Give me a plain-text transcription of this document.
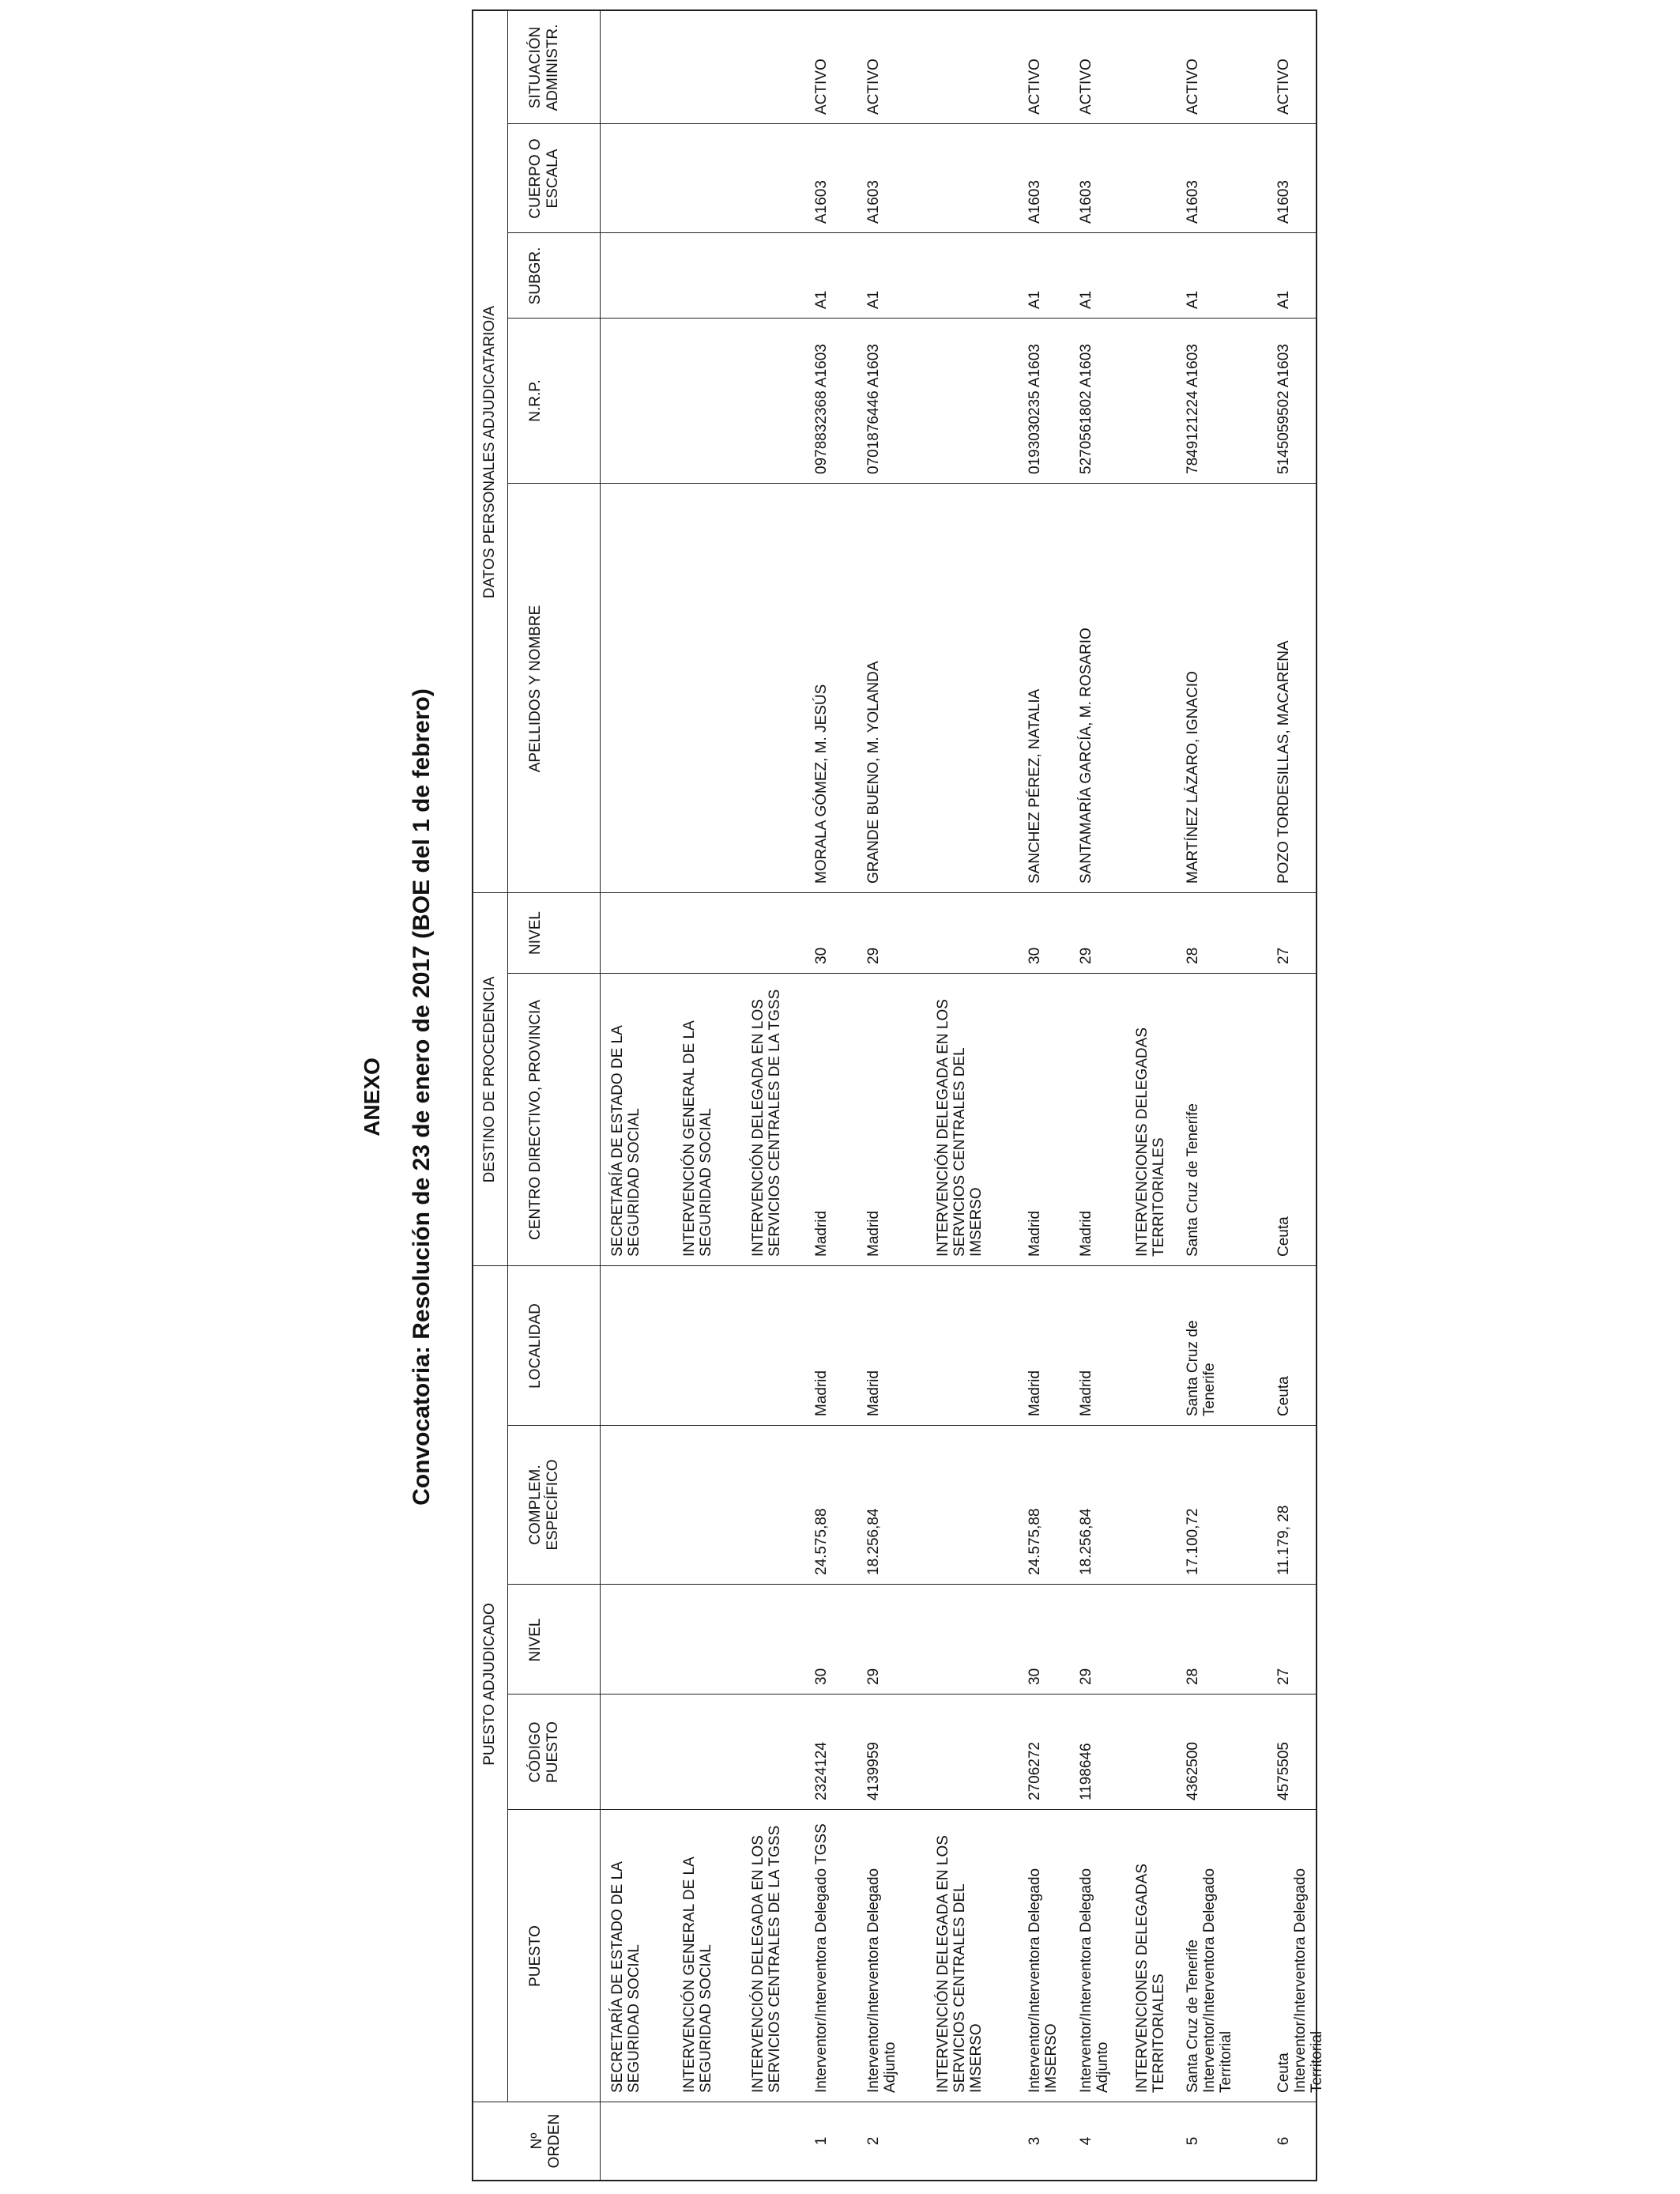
ANEXO Convocatoria: Resolución de 23 de enero de 2017 (BOE del 1 de febrero)
PUESTO ADJUDICADO
DESTINO DE PROCEDENCIA
DATOS PERSONALES ADJUDICATARIO/A
Nº
ORDEN
PUESTO
CÓDIGO
PUESTO
NIVEL
COMPLEM.
ESPECÍFICO
LOCALIDAD
CENTRO DIRECTIVO, PROVINCIA
NIVEL
APELLIDOS Y NOMBRE
N.R.P.
SUBGR.
CUERPO O
ESCALA
SITUACIÓN
ADMINISTR.
SECRETARÍA DE ESTADO DE LA
SEGURIDAD SOCIAL
SECRETARÍA DE ESTADO DE LA
SEGURIDAD SOCIAL
INTERVENCIÓN GENERAL DE LA
SEGURIDAD SOCIAL
INTERVENCIÓN GENERAL DE LA
SEGURIDAD SOCIAL
INTERVENCIÓN DELEGADA EN LOS
SERVICIOS CENTRALES DE LA TGSS
INTERVENCIÓN DELEGADA EN LOS
SERVICIOS CENTRALES DE LA TGSS
1
Interventor/Interventora Delegado TGSS
2324124
30
24.575,88
Madrid
Madrid
30
MORALA GÓMEZ, M. JESÚS
0978832368 A1603
A1
A1603
ACTIVO
2
Interventor/Interventora Delegado
Adjunto
4139959
29
18.256,84
Madrid
Madrid
29
GRANDE BUENO, M. YOLANDA
0701876446 A1603
A1
A1603
ACTIVO
INTERVENCIÓN DELEGADA EN LOS
SERVICIOS CENTRALES DEL
IMSERSO
INTERVENCIÓN DELEGADA EN LOS
SERVICIOS CENTRALES DEL
IMSERSO
3
Interventor/Interventora Delegado
IMSERSO
2706272
30
24.575,88
Madrid
Madrid
30
SANCHEZ PÉREZ, NATALIA
0193030235 A1603
A1
A1603
ACTIVO
4
Interventor/Interventora Delegado
Adjunto
1198646
29
18.256,84
Madrid
Madrid
29
SANTAMARÍA GARCÍA, M. ROSARIO
5270561802 A1603
A1
A1603
ACTIVO
INTERVENCIONES DELEGADAS
TERRITORIALES
INTERVENCIONES DELEGADAS
TERRITORIALES
5
Santa Cruz de Tenerife
Interventor/Interventora Delegado
Territorial
4362500
28
17.100,72
Santa Cruz de
Tenerife
Santa Cruz de Tenerife
28
MARTÍNEZ LÁZARO, IGNACIO
7849121224 A1603
A1
A1603
ACTIVO
6
Ceuta
Interventor/Interventora Delegado
Territorial
4575505
27
11.179, 28
Ceuta
Ceuta
27
POZO TORDESILLAS, MACARENA
5145059502 A1603
A1
A1603
ACTIVO
